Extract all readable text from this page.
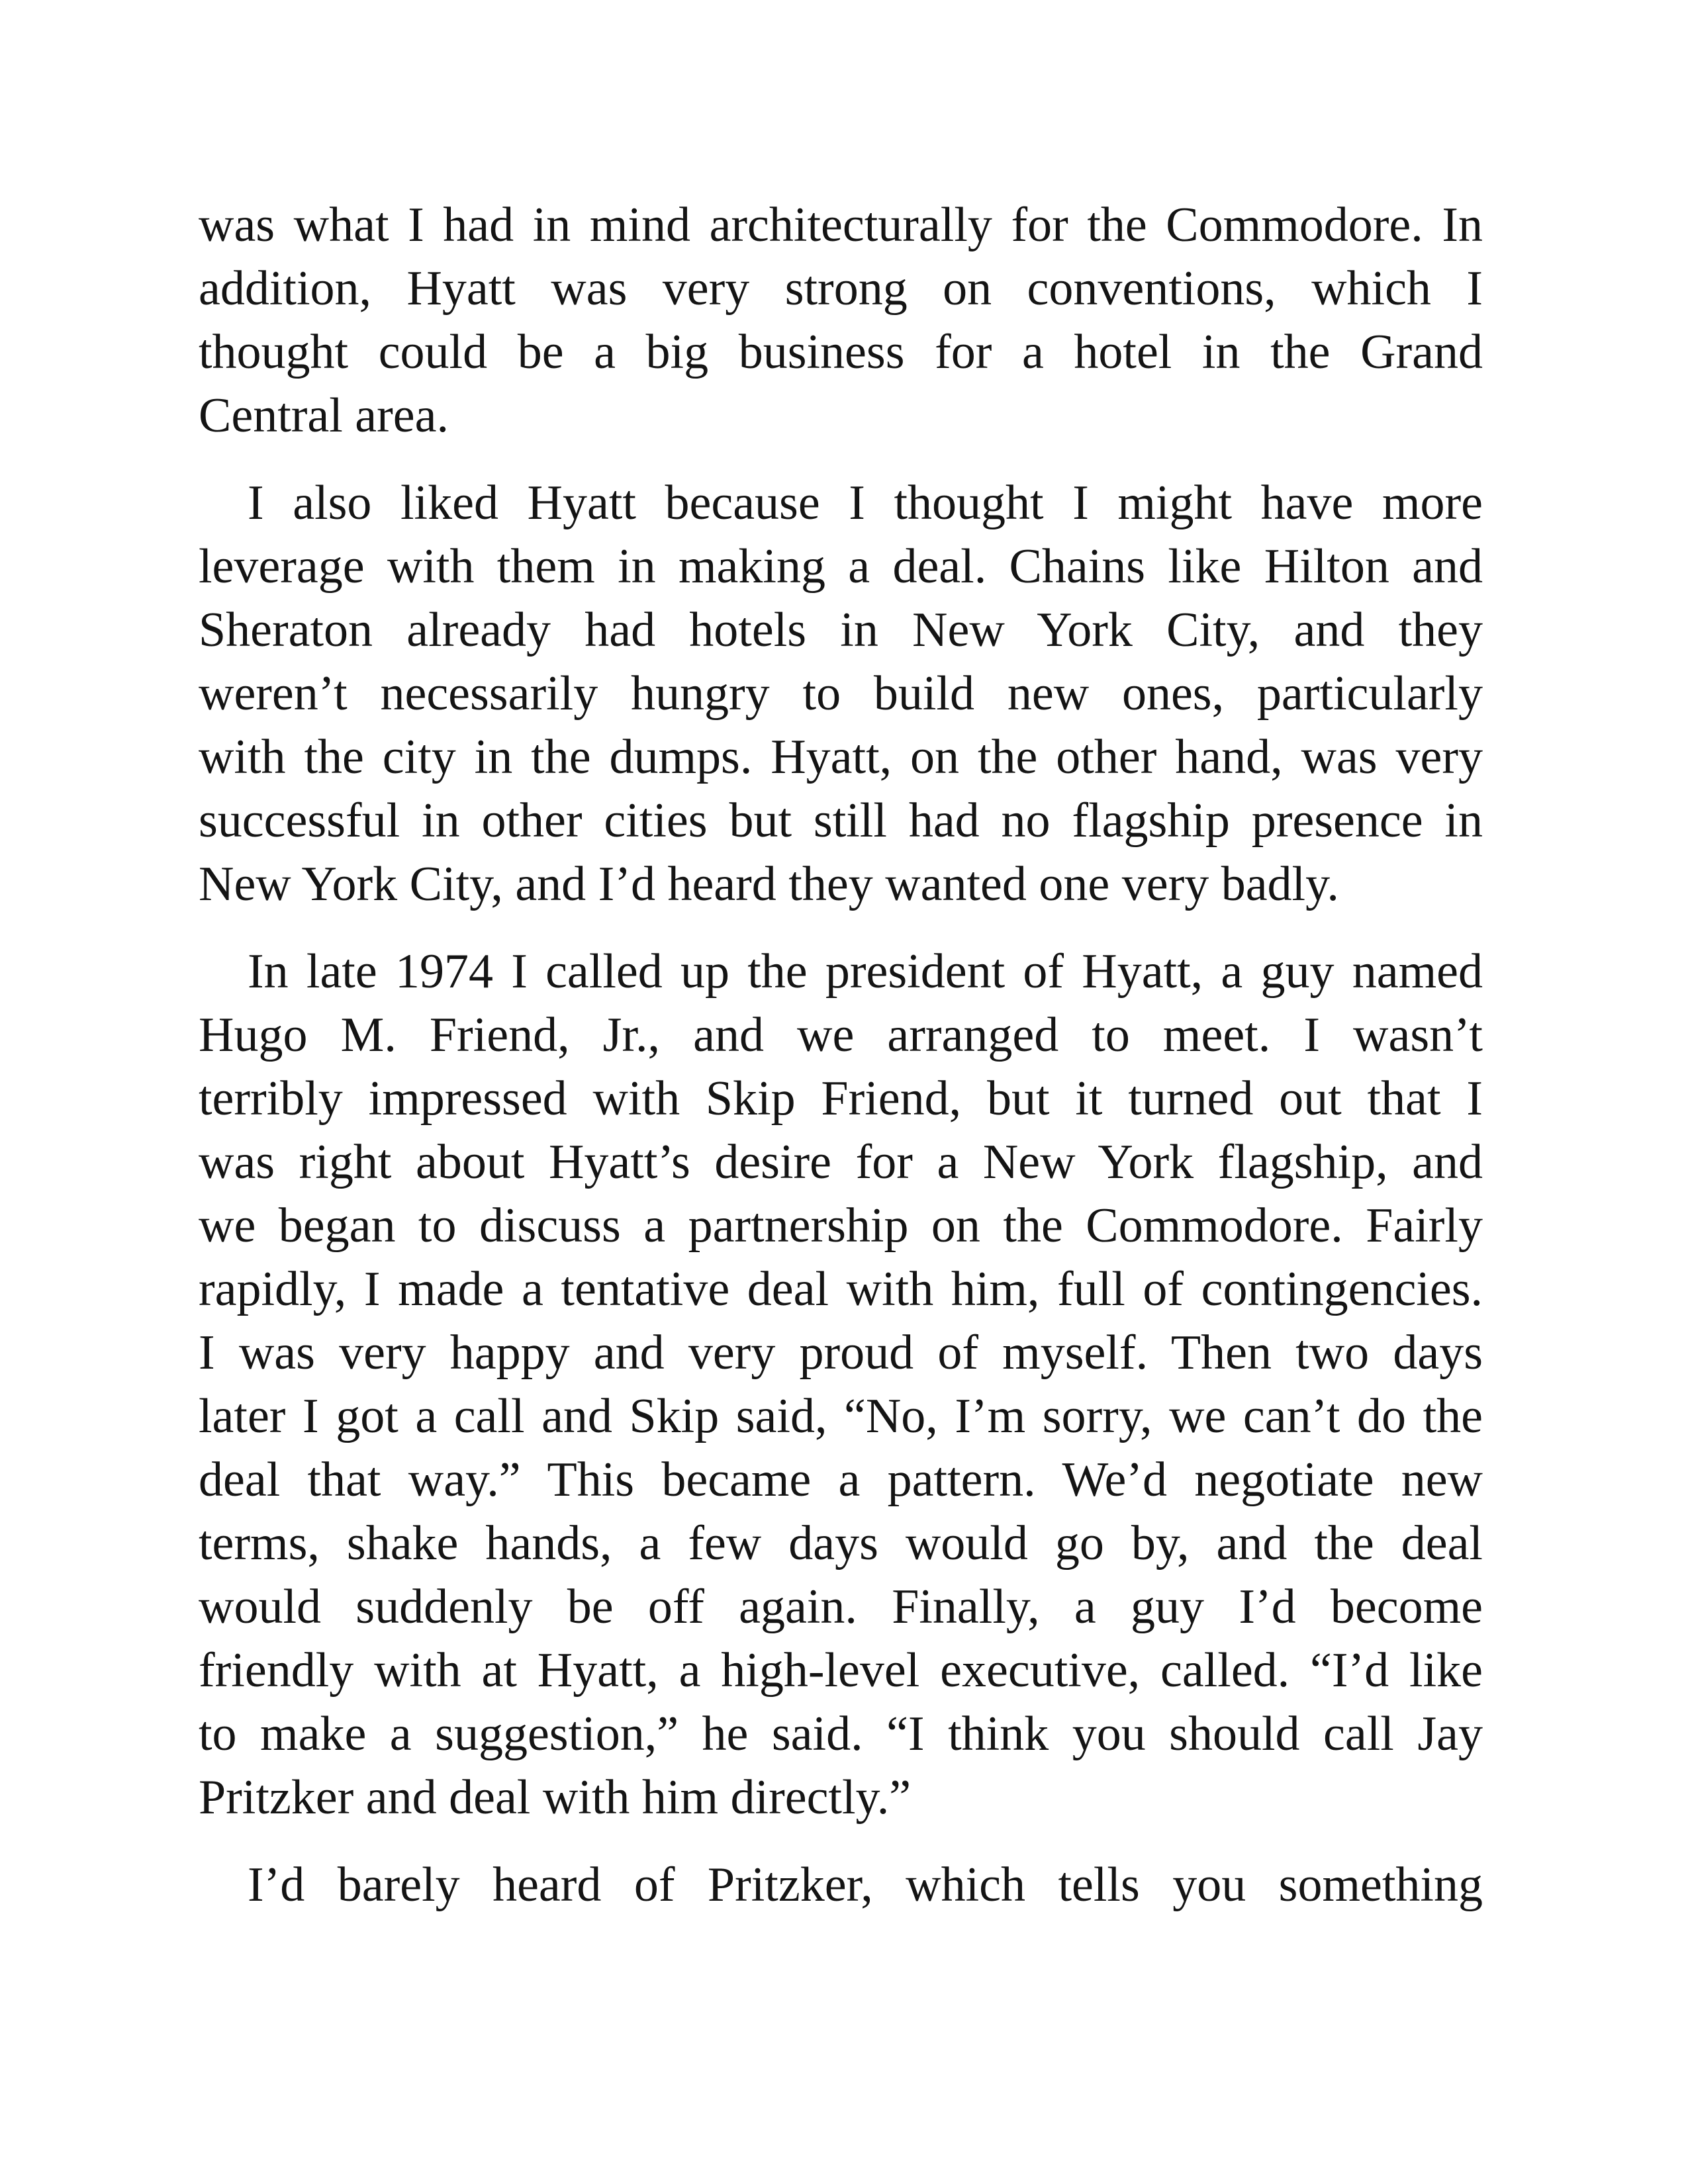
was what I had in mind architecturally for the Commodore. In
addition, Hyatt was very strong on conventions, which I
thought could be a big business for a hotel in the Grand
Central area.
I also liked Hyatt because I thought I might have more
leverage with them in making a deal. Chains like Hilton and
Sheraton already had hotels in New York City, and they
weren’t necessarily hungry to build new ones, particularly
with the city in the dumps. Hyatt, on the other hand, was very
successful in other cities but still had no flagship presence in
New York City, and I’d heard they wanted one very badly.
In late 1974 I called up the president of Hyatt, a guy named
Hugo M. Friend, Jr., and we arranged to meet. I wasn’t
terribly impressed with Skip Friend, but it turned out that I
was right about Hyatt’s desire for a New York flagship, and
we began to discuss a partnership on the Commodore. Fairly
rapidly, I made a tentative deal with him, full of contingencies.
I was very happy and very proud of myself. Then two days
later I got a call and Skip said, “No, I’m sorry, we can’t do the
deal that way.” This became a pattern. We’d negotiate new
terms, shake hands, a few days would go by, and the deal
would suddenly be off again. Finally, a guy I’d become
friendly with at Hyatt, a high-level executive, called. “I’d like
to make a suggestion,” he said. “I think you should call Jay
Pritzker and deal with him directly.”
I’d barely heard of Pritzker, which tells you something
